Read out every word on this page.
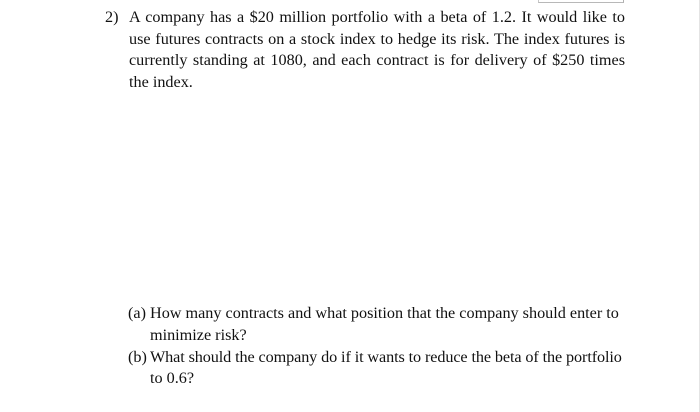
2) A company has a $20 million portfolio with a beta of 1.2. It would like to
use futures contracts on a stock index to hedge its risk. The index futures is
currently standing at 1080, and each contract is for delivery of $250 times
the index.
(a) How many contracts and what position that the company should enter to
minimize risk?
(b) What should the company do if it wants to reduce the beta of the portfolio
to 0.6?
